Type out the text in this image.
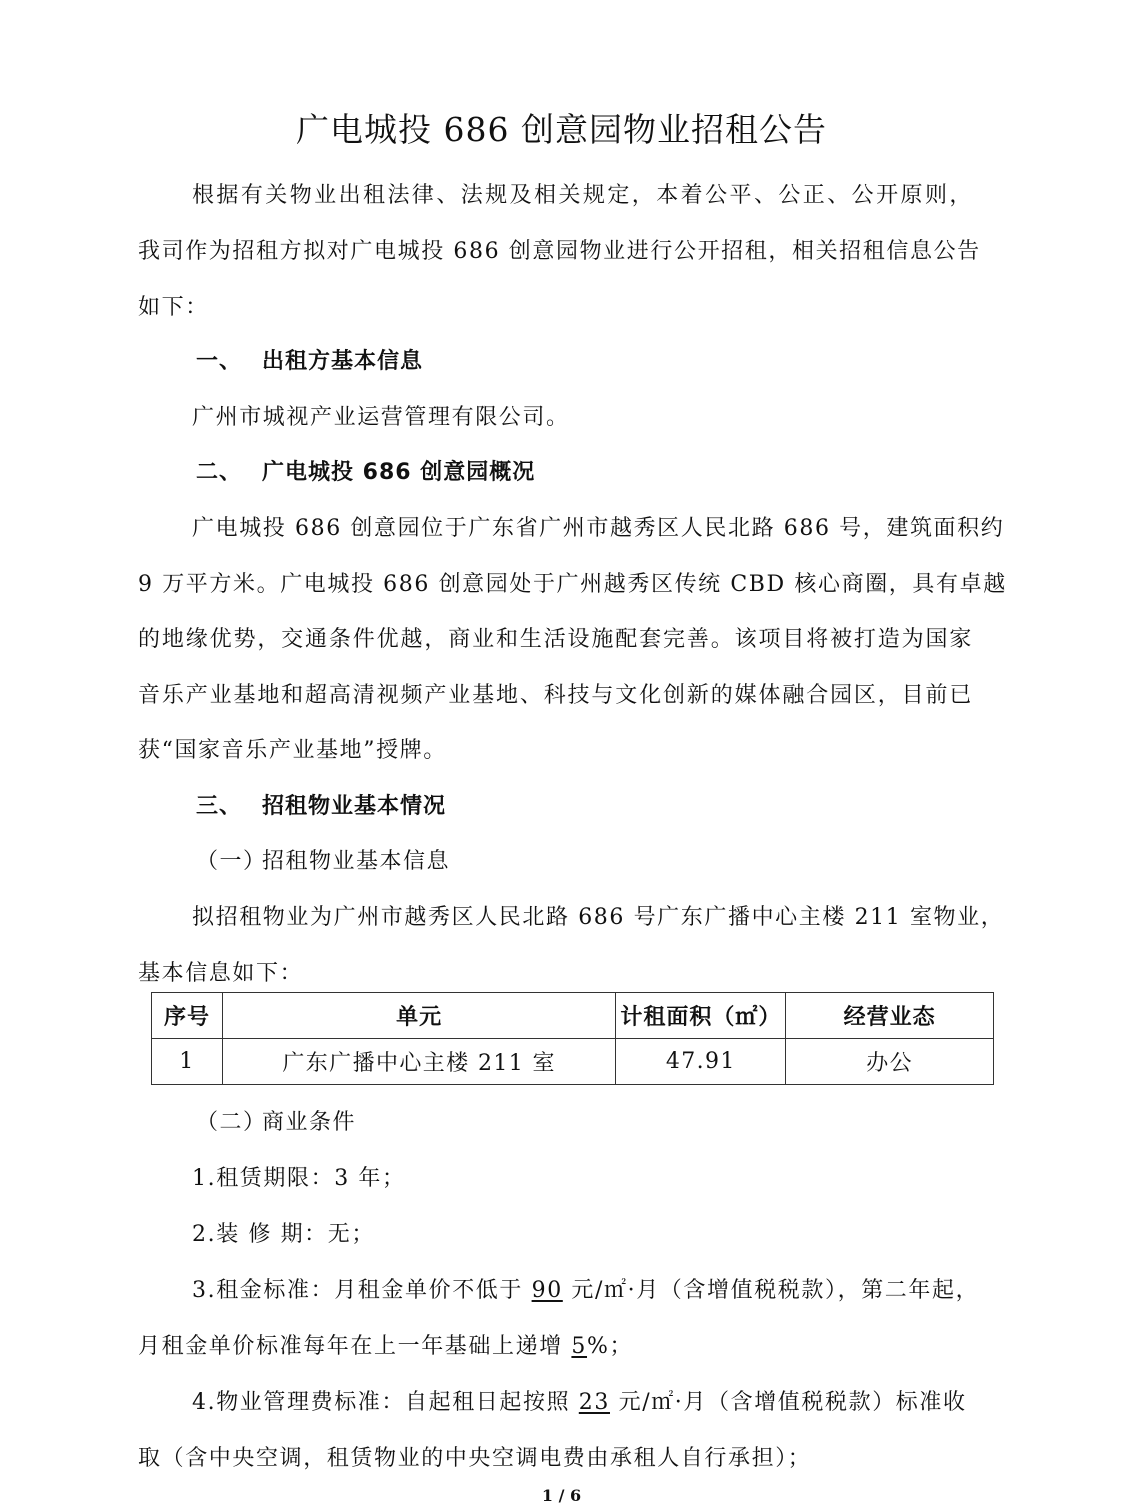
广电城投 686 创意园物业招租公告
根据有关物业出租法律、法规及相关规定，本着公平、公正、公开原则，
我司作为招租方拟对广电城投 686 创意园物业进行公开招租，相关招租信息公告
如下：
一、 出租方基本信息
广州市城视产业运营管理有限公司。
二、 广电城投 686 创意园概况
广电城投 686 创意园位于广东省广州市越秀区人民北路 686 号，建筑面积约
9 万平方米。广电城投 686 创意园处于广州越秀区传统 CBD 核心商圈，具有卓越
的地缘优势，交通条件优越，商业和生活设施配套完善。该项目将被打造为国家
音乐产业基地和超高清视频产业基地、科技与文化创新的媒体融合园区，目前已
获“国家音乐产业基地”授牌。
三、 招租物业基本情况
（一）招租物业基本信息
拟招租物业为广州市越秀区人民北路 686 号广东广播中心主楼 211 室物业，
基本信息如下：
序号	单元	计租面积（㎡）	经营业态
1	广东广播中心主楼 211 室	47.91	办公
（二）商业条件
1.租赁期限：3 年；
2.装 修 期：无；
3.租金标准：月租金单价不低于 90 元/㎡·月（含增值税税款），第二年起，
月租金单价标准每年在上一年基础上递增 5%；
4.物业管理费标准：自起租日起按照 23 元/㎡·月（含增值税税款）标准收
取（含中央空调，租赁物业的中央空调电费由承租人自行承担）；
1 / 6
